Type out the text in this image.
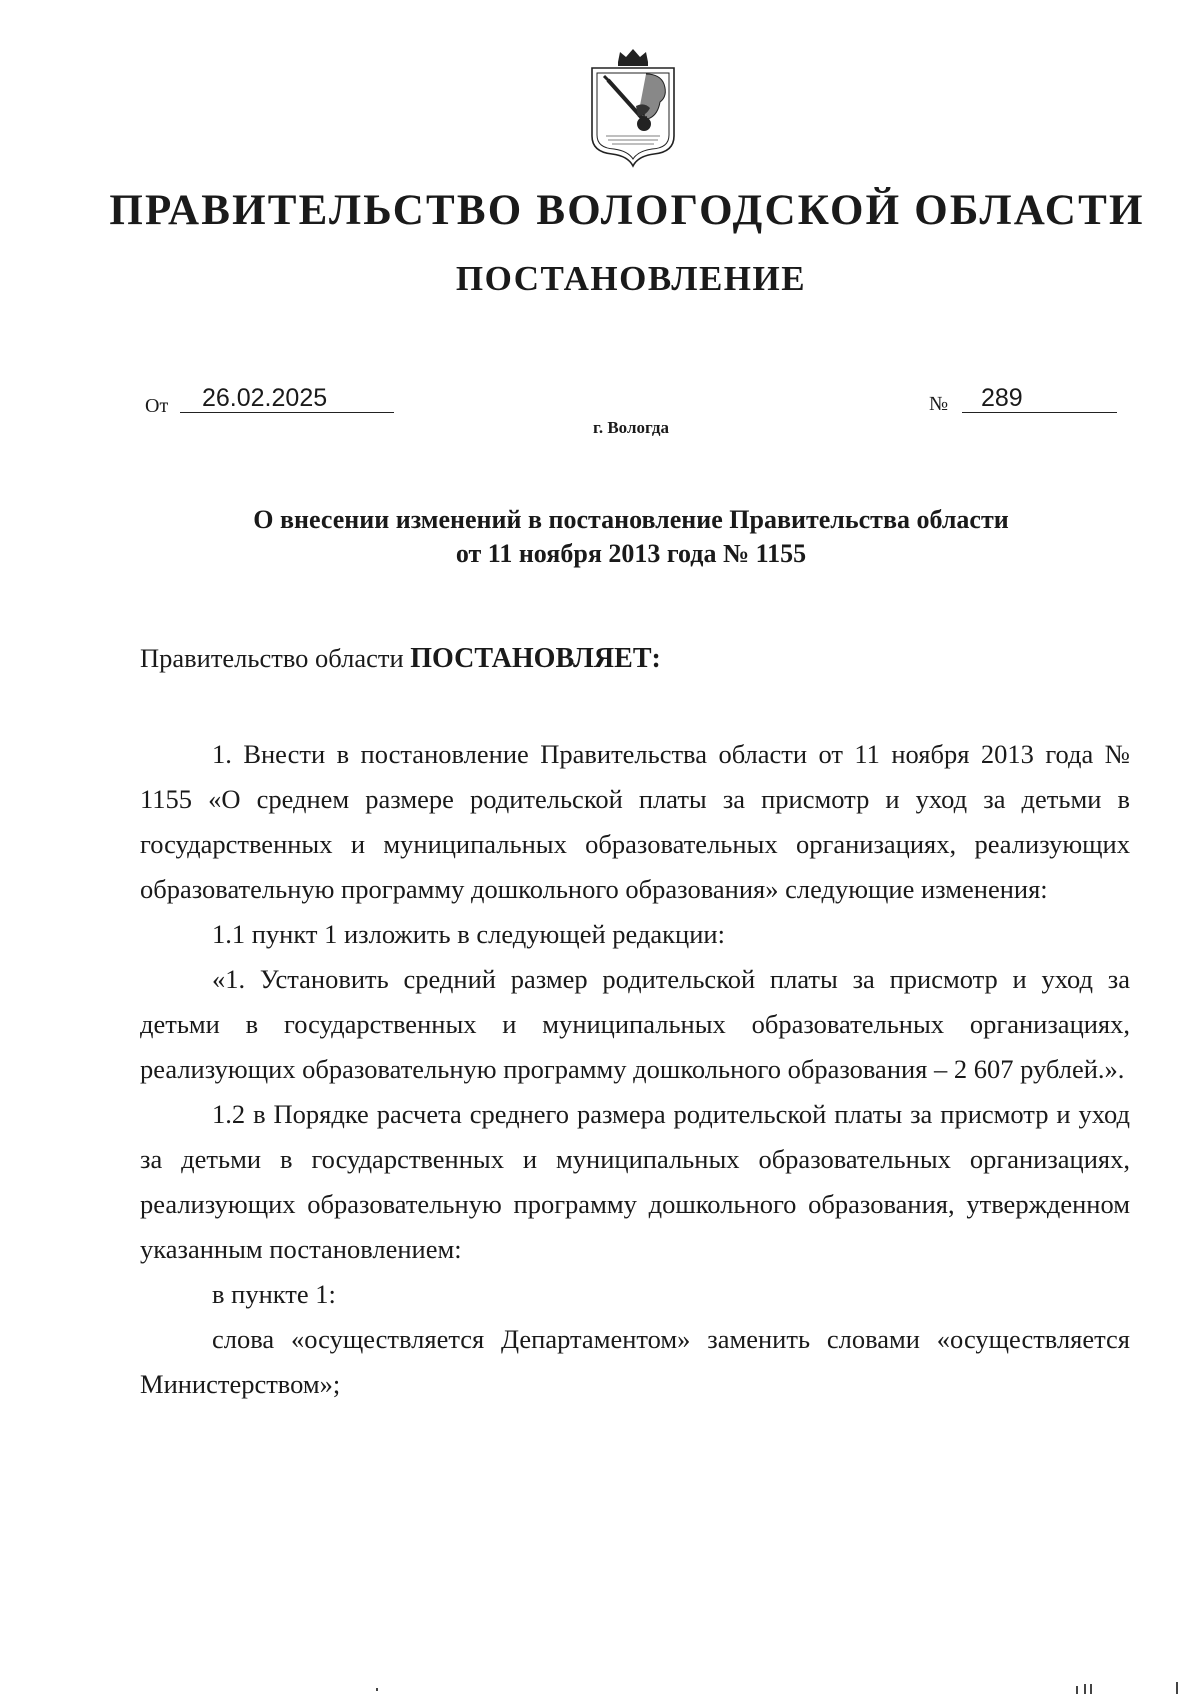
ПРАВИТЕЛЬСТВО ВОЛОГОДСКОЙ ОБЛАСТИ
ПОСТАНОВЛЕНИЕ
От 26.02.2025	№ 289
г. Вологда
О внесении изменений в постановление Правительства области
от 11 ноября 2013 года № 1155
Правительство области ПОСТАНОВЛЯЕТ:

1. Внести в постановление Правительства области от 11 ноября 2013 года № 1155 «О среднем размере родительской платы за присмотр и уход за детьми в государственных и муниципальных образовательных организациях, реализующих образовательную программу дошкольного образования» следующие изменения:

1.1 пункт 1 изложить в следующей редакции:

«1. Установить средний размер родительской платы за присмотр и уход за детьми в государственных и муниципальных образовательных организациях, реализующих образовательную программу дошкольного образования – 2 607 рублей.».

1.2 в Порядке расчета среднего размера родительской платы за присмотр и уход за детьми в государственных и муниципальных образовательных организациях, реализующих образовательную программу дошкольного образования, утвержденном указанным постановлением:

в пункте 1:

слова «осуществляется Департаментом» заменить словами «осуществляется Министерством»;
